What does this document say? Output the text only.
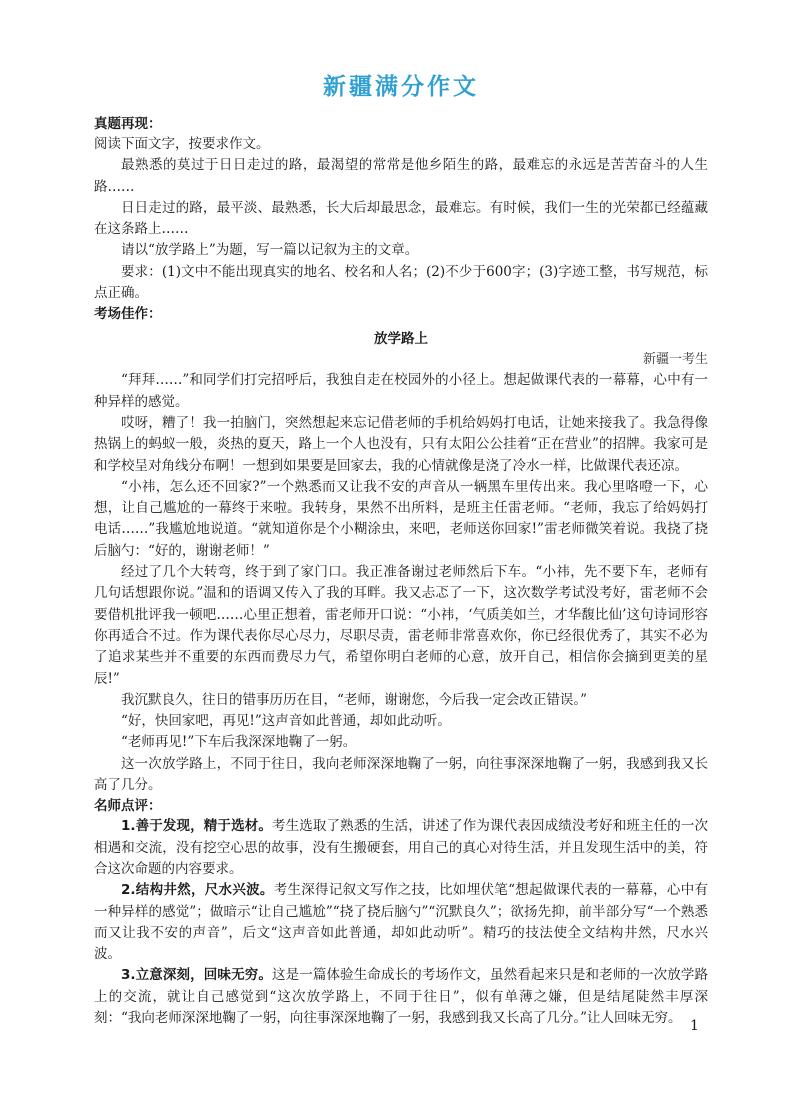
新疆满分作文

真题再现：

阅读下面文字，按要求作文。

最熟悉的莫过于日日走过的路，最渴望的常常是他乡陌生的路，最难忘的永远是苦苦奋斗的人生路……

日日走过的路，最平淡、最熟悉，长大后却最思念，最难忘。有时候，我们一生的光荣都已经蕴藏在这条路上……

请以“放学路上”为题，写一篇以记叙为主的文章。

要求：(1)文中不能出现真实的地名、校名和人名；(2)不少于600字；(3)字迹工整，书写规范，标点正确。

考场佳作：

放学路上

新疆一考生

“拜拜……”和同学们打完招呼后，我独自走在校园外的小径上。想起做课代表的一幕幕，心中有一种异样的感觉。

哎呀，糟了！我一拍脑门，突然想起来忘记借老师的手机给妈妈打电话，让她来接我了。我急得像热锅上的蚂蚁一般，炎热的夏天，路上一个人也没有，只有太阳公公挂着“正在营业”的招牌。我家可是和学校呈对角线分布啊！一想到如果要是回家去，我的心情就像是浇了冷水一样，比做课代表还凉。

“小祎，怎么还不回家?”一个熟悉而又让我不安的声音从一辆黑车里传出来。我心里咯噔一下，心想，让自己尴尬的一幕终于来啦。我转身，果然不出所料，是班主任雷老师。“老师，我忘了给妈妈打电话……”我尴尬地说道。“就知道你是个小糊涂虫，来吧，老师送你回家!”雷老师微笑着说。我挠了挠后脑勺：“好的，谢谢老师！”

经过了几个大转弯，终于到了家门口。我正准备谢过老师然后下车。“小祎，先不要下车，老师有几句话想跟你说。”温和的语调又传入了我的耳畔。我又忐忑了一下，这次数学考试没考好，雷老师不会要借机批评我一顿吧……心里正想着，雷老师开口说：“小祎，‘气质美如兰，才华馥比仙’这句诗词形容你再适合不过。作为课代表你尽心尽力，尽职尽责，雷老师非常喜欢你，你已经很优秀了，其实不必为了追求某些并不重要的东西而费尽力气，希望你明白老师的心意，放开自己，相信你会摘到更美的星辰!”

我沉默良久，往日的错事历历在目，“老师，谢谢您，今后我一定会改正错误。”

“好，快回家吧，再见!”这声音如此普通，却如此动听。

“老师再见!”下车后我深深地鞠了一躬。

这一次放学路上，不同于往日，我向老师深深地鞠了一躬，向往事深深地鞠了一躬，我感到我又长高了几分。

名师点评：

1.善于发现，精于选材。考生选取了熟悉的生活，讲述了作为课代表因成绩没考好和班主任的一次相遇和交流，没有挖空心思的故事，没有生搬硬套，用自己的真心对待生活，并且发现生活中的美，符合这次命题的内容要求。

2.结构井然，尺水兴波。考生深得记叙文写作之技，比如埋伏笔“想起做课代表的一幕幕，心中有一种异样的感觉”；做暗示“让自己尴尬”“挠了挠后脑勺”“沉默良久”；欲扬先抑，前半部分写“一个熟悉而又让我不安的声音”，后文“这声音如此普通，却如此动听”。精巧的技法使全文结构井然，尺水兴波。

3.立意深刻，回味无穷。这是一篇体验生命成长的考场作文，虽然看起来只是和老师的一次放学路上的交流，就让自己感觉到“这次放学路上，不同于往日”，似有单薄之嫌，但是结尾陡然丰厚深刻：“我向老师深深地鞠了一躬，向往事深深地鞠了一躬，我感到我又长高了几分。”让人回味无穷。

1
